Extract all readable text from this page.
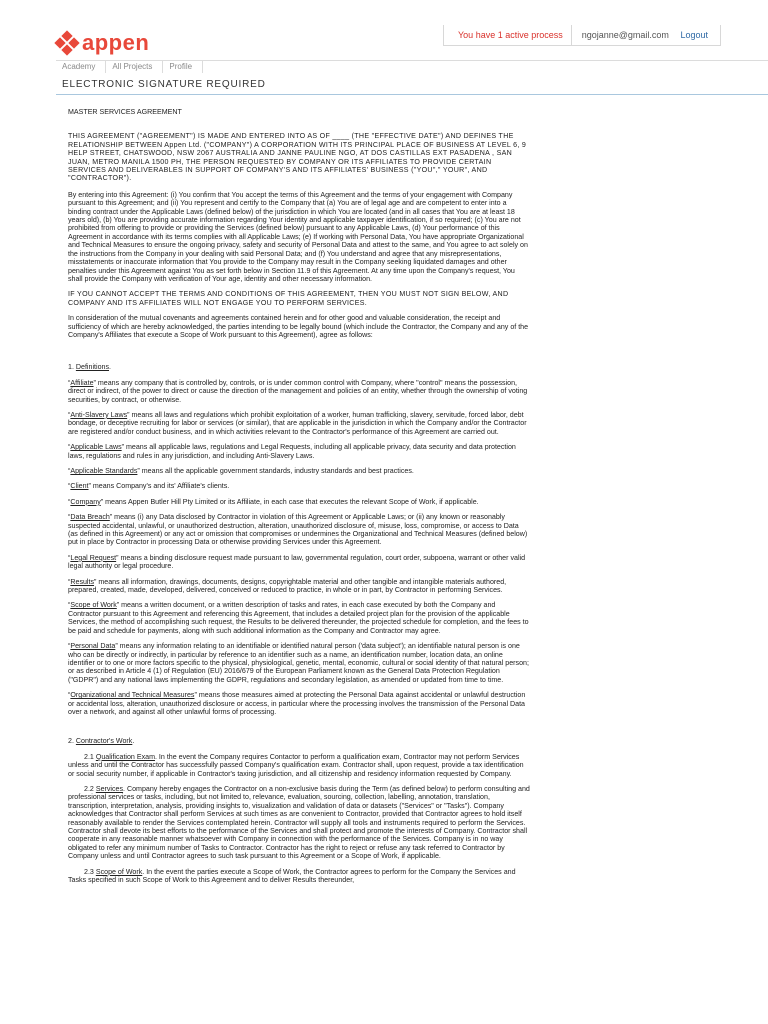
appen	You have 1 active process	ngojanne@gmail.com	Logout
Academy	All Projects	Profile
ELECTRONIC SIGNATURE REQUIRED

MASTER SERVICES AGREEMENT

THIS AGREEMENT ("AGREEMENT") IS MADE AND ENTERED INTO AS OF ____ (THE "EFFECTIVE DATE") AND DEFINES THE RELATIONSHIP BETWEEN Appen Ltd. ("COMPANY") A CORPORATION WITH ITS PRINCIPAL PLACE OF BUSINESS AT LEVEL 6, 9 HELP STREET, CHATSWOOD, NSW 2067 AUSTRALIA AND JANNE PAULINE NGO, AT DOS CASTILLAS EXT PASADENA , SAN JUAN, METRO MANILA 1500 PH, THE PERSON REQUESTED BY COMPANY OR ITS AFFILIATES TO PROVIDE CERTAIN SERVICES AND DELIVERABLES IN SUPPORT OF COMPANY'S AND ITS AFFILIATES' BUSINESS ("YOU"," YOUR", AND "CONTRACTOR").

By entering into this Agreement: (i) You confirm that You accept the terms of this Agreement and the terms of your engagement with Company pursuant to this Agreement; and (ii) You represent and certify to the Company that (a) You are of legal age and are competent to enter into a binding contract under the Applicable Laws (defined below) of the jurisdiction in which You are located (and in all cases that You are at least 18 years old), (b) You are providing accurate information regarding Your identity and applicable taxpayer identification, if so required; (c) You are not prohibited from offering to provide or providing the Services (defined below) pursuant to any Applicable Laws, (d) Your performance of this Agreement in accordance with its terms complies with all Applicable Laws; (e) If working with Personal Data, You have appropriate Organizational and Technical Measures to ensure the ongoing privacy, safety and security of Personal Data and attest to the same, and You agree to act solely on the instructions from the Company in your dealing with said Personal Data; and (f) You understand and agree that any misrepresentations, misstatements or inaccurate information that You provide to the Company may result in the Company seeking liquidated damages and other penalties under this Agreement against You as set forth below in Section 11.9 of this Agreement. At any time upon the Company's request, You shall provide the Company with verification of Your age, identity and other necessary information.

IF YOU CANNOT ACCEPT THE TERMS AND CONDITIONS OF THIS AGREEMENT, THEN YOU MUST NOT SIGN BELOW, AND COMPANY AND ITS AFFILIATES WILL NOT ENGAGE YOU TO PERFORM SERVICES.

In consideration of the mutual covenants and agreements contained herein and for other good and valuable consideration, the receipt and sufficiency of which are hereby acknowledged, the parties intending to be legally bound (which include the Contractor, the Company and any of the Company's Affiliates that execute a Scope of Work pursuant to this Agreement), agree as follows:

1. Definitions.

“Affiliate” means any company that is controlled by, controls, or is under common control with Company, where "control" means the possession, direct or indirect, of the power to direct or cause the direction of the management and policies of an entity, whether through the ownership of voting securities, by contract, or otherwise.

“Anti-Slavery Laws” means all laws and regulations which prohibit exploitation of a worker, human trafficking, slavery, servitude, forced labor, debt bondage, or deceptive recruiting for labor or services (or similar), that are applicable in the jurisdiction in which the Company and/or the Contractor are registered and/or conduct business, and in which activities relevant to the Contractor's performance of this Agreement are carried out.

“Applicable Laws” means all applicable laws, regulations and Legal Requests, including all applicable privacy, data security and data protection laws, regulations and rules in any jurisdiction, and including Anti-Slavery Laws.

“Applicable Standards” means all the applicable government standards, industry standards and best practices.

“Client” means Company's and its' Affiliate's clients.

“Company” means Appen Butler Hill Pty Limited or its Affiliate, in each case that executes the relevant Scope of Work, if applicable.

“Data Breach” means (i) any Data disclosed by Contractor in violation of this Agreement or Applicable Laws; or (ii) any known or reasonably suspected accidental, unlawful, or unauthorized destruction, alteration, unauthorized disclosure of, misuse, loss, compromise, or access to Data (as defined in this Agreement) or any act or omission that compromises or undermines the Organizational and Technical Measures (defined below) put in place by Contractor in processing Data or otherwise providing Services under this Agreement.

“Legal Request” means a binding disclosure request made pursuant to law, governmental regulation, court order, subpoena, warrant or other valid legal authority or legal procedure.

“Results” means all information, drawings, documents, designs, copyrightable material and other tangible and intangible materials authored, prepared, created, made, developed, delivered, conceived or reduced to practice, in whole or in part, by Contractor in performing Services.

“Scope of Work” means a written document, or a written description of tasks and rates, in each case executed by both the Company and Contractor pursuant to this Agreement and referencing this Agreement, that includes a detailed project plan for the provision of the applicable Services, the method of accomplishing such request, the Results to be delivered thereunder, the projected schedule for completion, and the fees to be paid and schedule for payments, along with such additional information as the Company and Contractor may agree.

“Personal Data” means any information relating to an identifiable or identified natural person ('data subject'); an identifiable natural person is one who can be directly or indirectly, in particular by reference to an identifier such as a name, an identification number, location data, an online identifier or to one or more factors specific to the physical, physiological, genetic, mental, economic, cultural or social identity of that natural person; or as described in Article 4 (1) of Regulation (EU) 2016/679 of the European Parliament known as the General Data Protection Regulation ("GDPR") and any national laws implementing the GDPR, regulations and secondary legislation, as amended or updated from time to time.

“Organizational and Technical Measures” means those measures aimed at protecting the Personal Data against accidental or unlawful destruction or accidental loss, alteration, unauthorized disclosure or access, in particular where the processing involves the transmission of the Personal Data over a network, and against all other unlawful forms of processing.

2. Contractor's Work.

2.1 Qualification Exam. In the event the Company requires Contactor to perform a qualification exam, Contractor may not perform Services unless and until the Contractor has successfully passed Company's qualification exam. Contractor shall, upon request, provide a tax identification or social security number, if applicable in Contractor's taxing jurisdiction, and all citizenship and residency information requested by Company.

2.2 Services. Company hereby engages the Contractor on a non-exclusive basis during the Term (as defined below) to perform consulting and professional services or tasks, including, but not limited to, relevance, evaluation, sourcing, collection, labelling, annotation, translation, transcription, interpretation, analysis, providing insights to, visualization and validation of data or datasets ("Services" or "Tasks"). Company acknowledges that Contractor shall perform Services at such times as are convenient to Contractor, provided that Contractor agrees to hold itself reasonably available to render the Services contemplated herein. Contractor will supply all tools and instruments required to perform the Services. Contractor shall devote its best efforts to the performance of the Services and shall protect and promote the interests of Company. Contractor shall cooperate in any reasonable manner whatsoever with Company in connection with the performance of the Services. Company is in no way obligated to refer any minimum number of Tasks to Contractor. Contractor has the right to reject or refuse any task referred to Contractor by Company unless and until Contractor agrees to such task pursuant to this Agreement or a Scope of Work, if applicable.

2.3 Scope of Work. In the event the parties execute a Scope of Work, the Contractor agrees to perform for the Company the Services and Tasks specified in such Scope of Work to this Agreement and to deliver Results thereunder,
